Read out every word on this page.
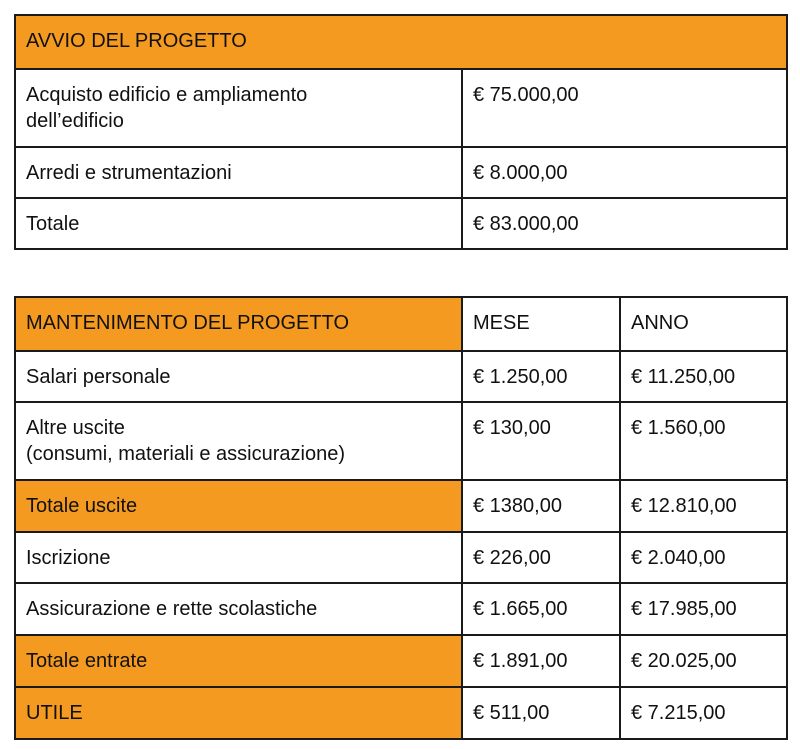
AVVIO DEL PROGETTO	
Acquisto edificio e ampliamento dell’edificio	€ 75.000,00
Arredi e strumentazioni	€ 8.000,00
Totale	€ 83.000,00
MANTENIMENTO DEL PROGETTO	MESE	ANNO
Salari personale	€ 1.250,00	€ 11.250,00

Altre uscite
(consumi, materiali e assicurazione)	€ 130,00	€ 1.560,00
Totale uscite	€ 1380,00	€ 12.810,00
Iscrizione	€ 226,00	€ 2.040,00
Assicurazione e rette scolastiche	€ 1.665,00	€ 17.985,00
Totale entrate	€ 1.891,00	€ 20.025,00
UTILE	€ 511,00	€ 7.215,00
